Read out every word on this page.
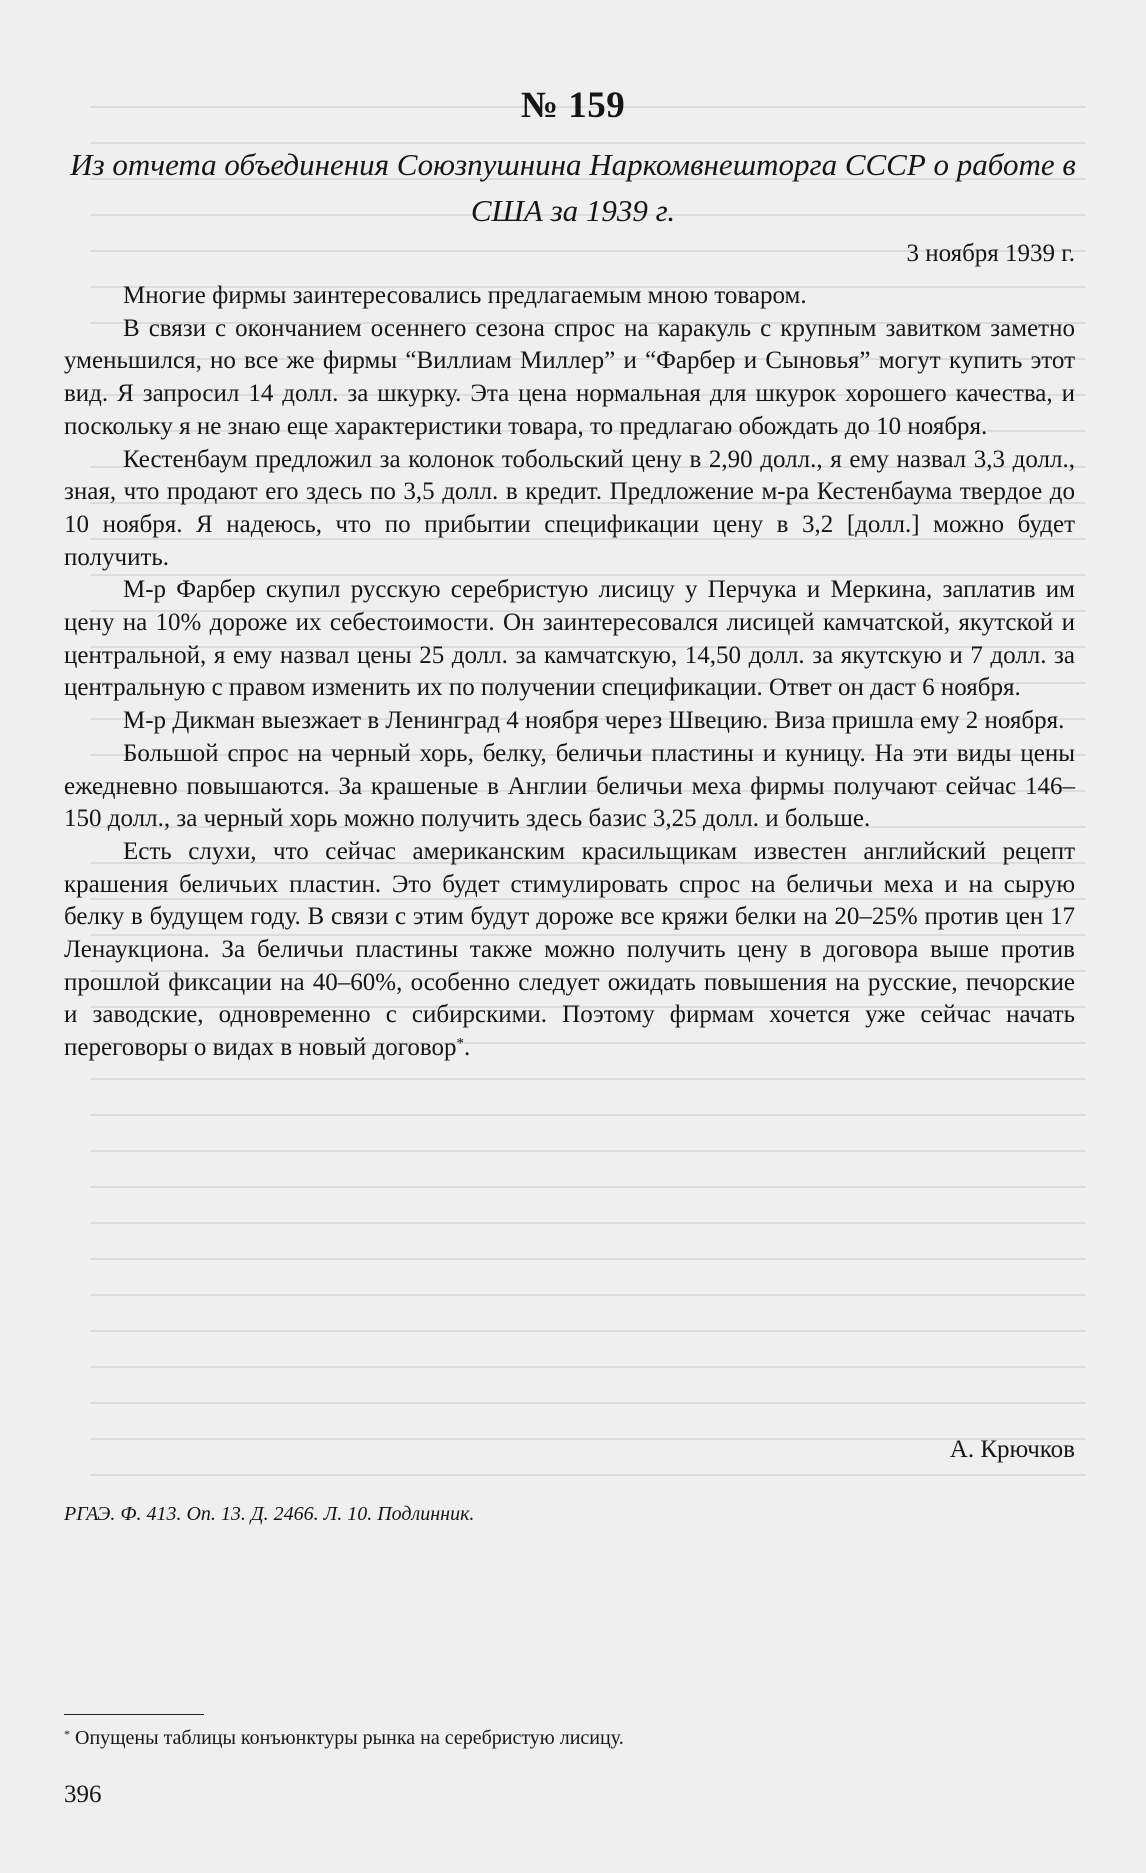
№ 159
Из отчета объединения Союзпушнина Наркомвнешторга СССР о работе в США за 1939 г.
3 ноября 1939 г.

Многие фирмы заинтересовались предлагаемым мною товаром.

В связи с окончанием осеннего сезона спрос на каракуль с крупным завитком заметно уменьшился, но все же фирмы “Виллиам Миллер” и “Фарбер и Сыновья” могут купить этот вид. Я запросил 14 долл. за шкурку. Эта цена нормальная для шкурок хорошего качества, и поскольку я не знаю еще характеристики товара, то предлагаю обождать до 10 ноября.

Кестенбаум предложил за колонок тобольский цену в 2,90 долл., я ему назвал 3,3 долл., зная, что продают его здесь по 3,5 долл. в кредит. Предложение м-ра Кестенбаума твердое до 10 ноября. Я надеюсь, что по прибытии спецификации цену в 3,2 [долл.] можно будет получить.

М-р Фарбер скупил русскую серебристую лисицу у Перчука и Меркина, заплатив им цену на 10% дороже их себестоимости. Он заинтересовался лисицей камчатской, якутской и центральной, я ему назвал цены 25 долл. за камчатскую, 14,50 долл. за якутскую и 7 долл. за центральную с правом изменить их по получении спецификации. Ответ он даст 6 ноября.

М-р Дикман выезжает в Ленинград 4 ноября через Швецию. Виза пришла ему 2 ноября.

Большой спрос на черный хорь, белку, беличьи пластины и куницу. На эти виды цены ежедневно повышаются. За крашеные в Англии беличьи меха фирмы получают сейчас 146–150 долл., за черный хорь можно получить здесь базис 3,25 долл. и больше.

Есть слухи, что сейчас американским красильщикам известен английский рецепт крашения беличьих пластин. Это будет стимулировать спрос на беличьи меха и на сырую белку в будущем году. В связи с этим будут дороже все кряжи белки на 20–25% против цен 17 Ленаукциона. За беличьи пластины также можно получить цену в договора выше против прошлой фиксации на 40–60%, особенно следует ожидать повышения на русские, печорские и заводские, одновременно с сибирскими. Поэтому фирмам хочется уже сейчас начать переговоры о видах в новый договор*.

А. Крючков
РГАЭ. Ф. 413. Оп. 13. Д. 2466. Л. 10. Подлинник.
* Опущены таблицы конъюнктуры рынка на серебристую лисицу.
396
